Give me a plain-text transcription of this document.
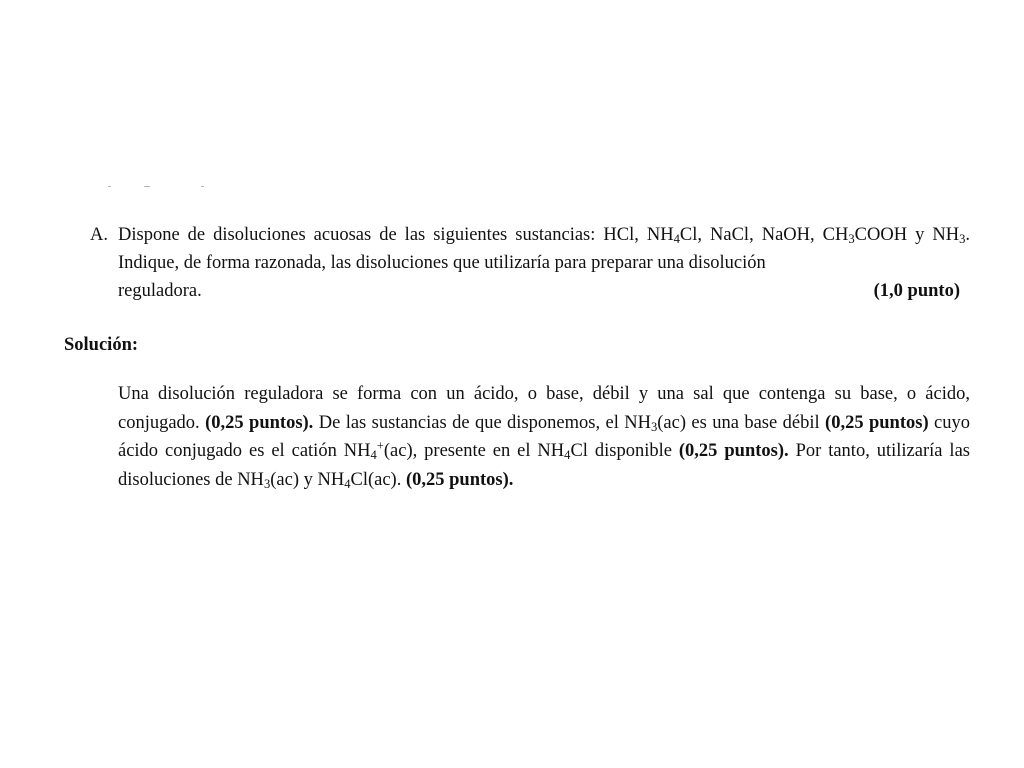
A. Dispone de disoluciones acuosas de las siguientes sustancias: HCl, $NH_4Cl$, NaCl, NaOH, $CH_3COOH$ y $NH_3$. Indique, de forma razonada, las disoluciones que utilizaría para preparar una disolución
reguladora.	(1,0 punto)
Solución:
Una disolución reguladora se forma con un ácido, o base, débil y una sal que contenga su base, o ácido, conjugado. (0,25 puntos). De las sustancias de que disponemos, el $NH_3(ac)$ es una base débil (0,25 puntos) cuyo ácido conjugado es el catión $NH_4^+(ac)$, presente en el $NH_4Cl$ disponible (0,25 puntos). Por tanto, utilizaría las disoluciones de $NH_3(ac)$ y $NH_4Cl(ac)$. (0,25 puntos).
